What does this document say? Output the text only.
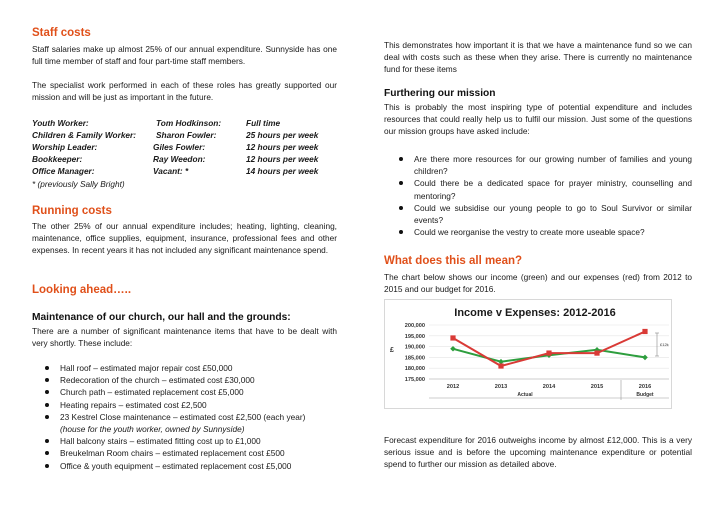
Staff costs

Staff salaries make up almost 25% of our annual expenditure. Sunnyside has one full time member of staff and four part-time staff members.

The specialist work performed in each of these roles has greatly supported our mission and will be just as important in the future.

Youth Worker:	Tom Hodkinson:	Full time
Children & Family Worker: Sharon Fowler:	25 hours per week
Worship Leader:	Giles Fowler:	12 hours per week
Bookkeeper:	Ray Weedon:	12 hours per week
Office Manager:	Vacant: *	14 hours per week
* (previously Sally Bright)
Running costs

The other 25% of our annual expenditure includes; heating, lighting, cleaning, maintenance, office supplies, equipment, insurance, professional fees and other expenses. In recent years it has not included any significant maintenance spend.

Looking ahead…..
Maintenance of our church, our hall and the grounds:

There are a number of significant maintenance items that have to be dealt with very shortly. These include:

Hall roof – estimated major repair cost £50,000
Redecoration of the church – estimated cost £30,000
Church path – estimated replacement cost £5,000
Heating repairs – estimated cost £2,500
23 Kestrel Close maintenance – estimated cost £2,500 (each year)
(house for the youth worker, owned by Sunnyside)
Hall balcony stairs – estimated fitting cost up to £1,000
Breukelman Room chairs – estimated replacement cost £500
Office & youth equipment – estimated replacement cost £5,000

This demonstrates how important it is that we have a maintenance fund so we can deal with costs such as these when they arise. There is currently no maintenance fund for these items

Furthering our mission

This is probably the most inspiring type of potential expenditure and includes resources that could really help us to fulfil our mission. Just some of the questions our mission groups have asked include:

Are there more resources for our growing number of families and young children?
Could there be a dedicated space for prayer ministry, counselling and mentoring?
Could we subsidise our young people to go to Soul Survivor or similar events?
Could we reorganise the vestry to create more useable space?
What does this all mean?

The chart below shows our income (green) and our expenses (red) from 2012 to 2015 and our budget for 2016.

Income v Expenses: 2012-2016
£
175,000
180,000
185,000
190,000
195,000
200,000
2012	2013	2014	2015	2016
Actual	Budget
£12k

Forecast expenditure for 2016 outweighs income by almost £12,000. This is a very serious issue and is before the upcoming maintenance expenditure or potential spend to further our mission as detailed above.
